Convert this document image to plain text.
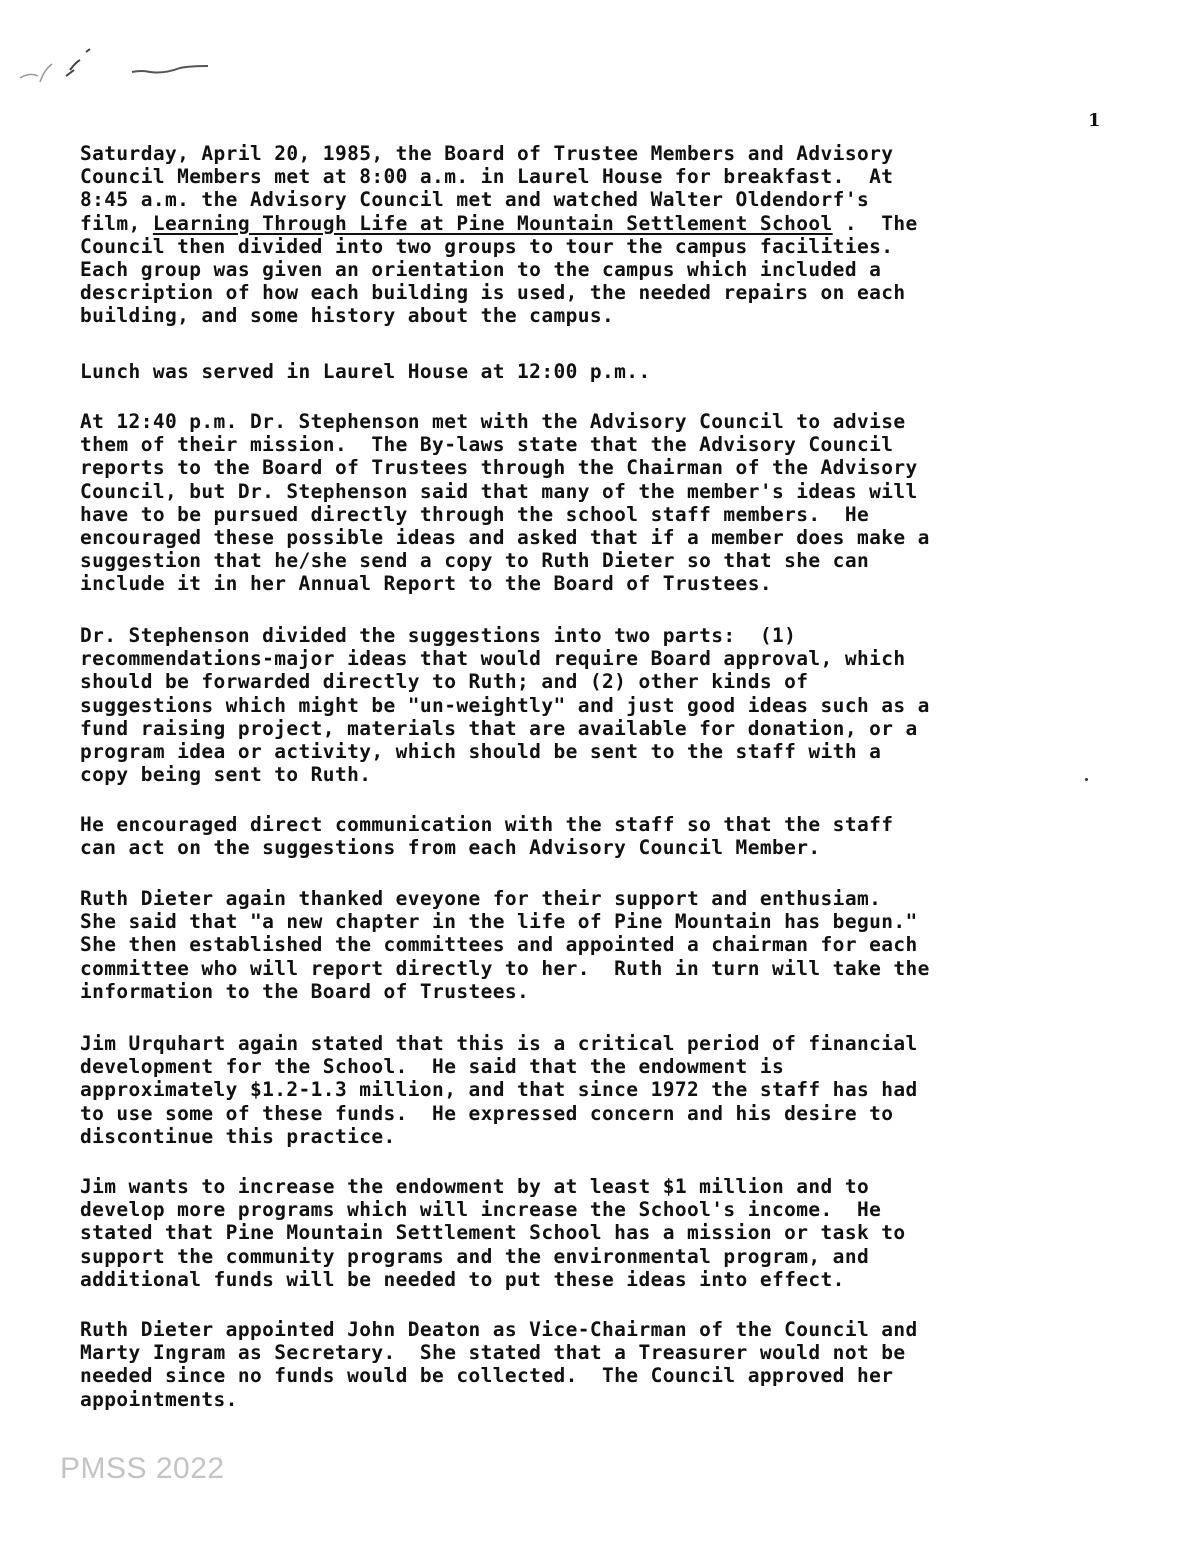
1
Saturday, April 20, 1985, the Board of Trustee Members and Advisory
Council Members met at 8:00 a.m. in Laurel House for breakfast.  At
8:45 a.m. the Advisory Council met and watched Walter Oldendorf's
film, Learning Through Life at Pine Mountain Settlement School .  The
Council then divided into two groups to tour the campus facilities.
Each group was given an orientation to the campus which included a
description of how each building is used, the needed repairs on each
building, and some history about the campus.
Lunch was served in Laurel House at 12:00 p.m..
At 12:40 p.m. Dr. Stephenson met with the Advisory Council to advise
them of their mission.  The By-laws state that the Advisory Council
reports to the Board of Trustees through the Chairman of the Advisory
Council, but Dr. Stephenson said that many of the member's ideas will
have to be pursued directly through the school staff members.  He
encouraged these possible ideas and asked that if a member does make a
suggestion that he/she send a copy to Ruth Dieter so that she can
include it in her Annual Report to the Board of Trustees.
Dr. Stephenson divided the suggestions into two parts:  (1)
recommendations-major ideas that would require Board approval, which
should be forwarded directly to Ruth; and (2) other kinds of
suggestions which might be "un-weightly" and just good ideas such as a
fund raising project, materials that are available for donation, or a
program idea or activity, which should be sent to the staff with a
copy being sent to Ruth.
He encouraged direct communication with the staff so that the staff
can act on the suggestions from each Advisory Council Member.
Ruth Dieter again thanked eveyone for their support and enthusiam.
She said that "a new chapter in the life of Pine Mountain has begun."
She then established the committees and appointed a chairman for each
committee who will report directly to her.  Ruth in turn will take the
information to the Board of Trustees.
Jim Urquhart again stated that this is a critical period of financial
development for the School.  He said that the endowment is
approximately $1.2-1.3 million, and that since 1972 the staff has had
to use some of these funds.  He expressed concern and his desire to
discontinue this practice.
Jim wants to increase the endowment by at least $1 million and to
develop more programs which will increase the School's income.  He
stated that Pine Mountain Settlement School has a mission or task to
support the community programs and the environmental program, and
additional funds will be needed to put these ideas into effect.
Ruth Dieter appointed John Deaton as Vice-Chairman of the Council and
Marty Ingram as Secretary.  She stated that a Treasurer would not be
needed since no funds would be collected.  The Council approved her
appointments.
PMSS 2022
